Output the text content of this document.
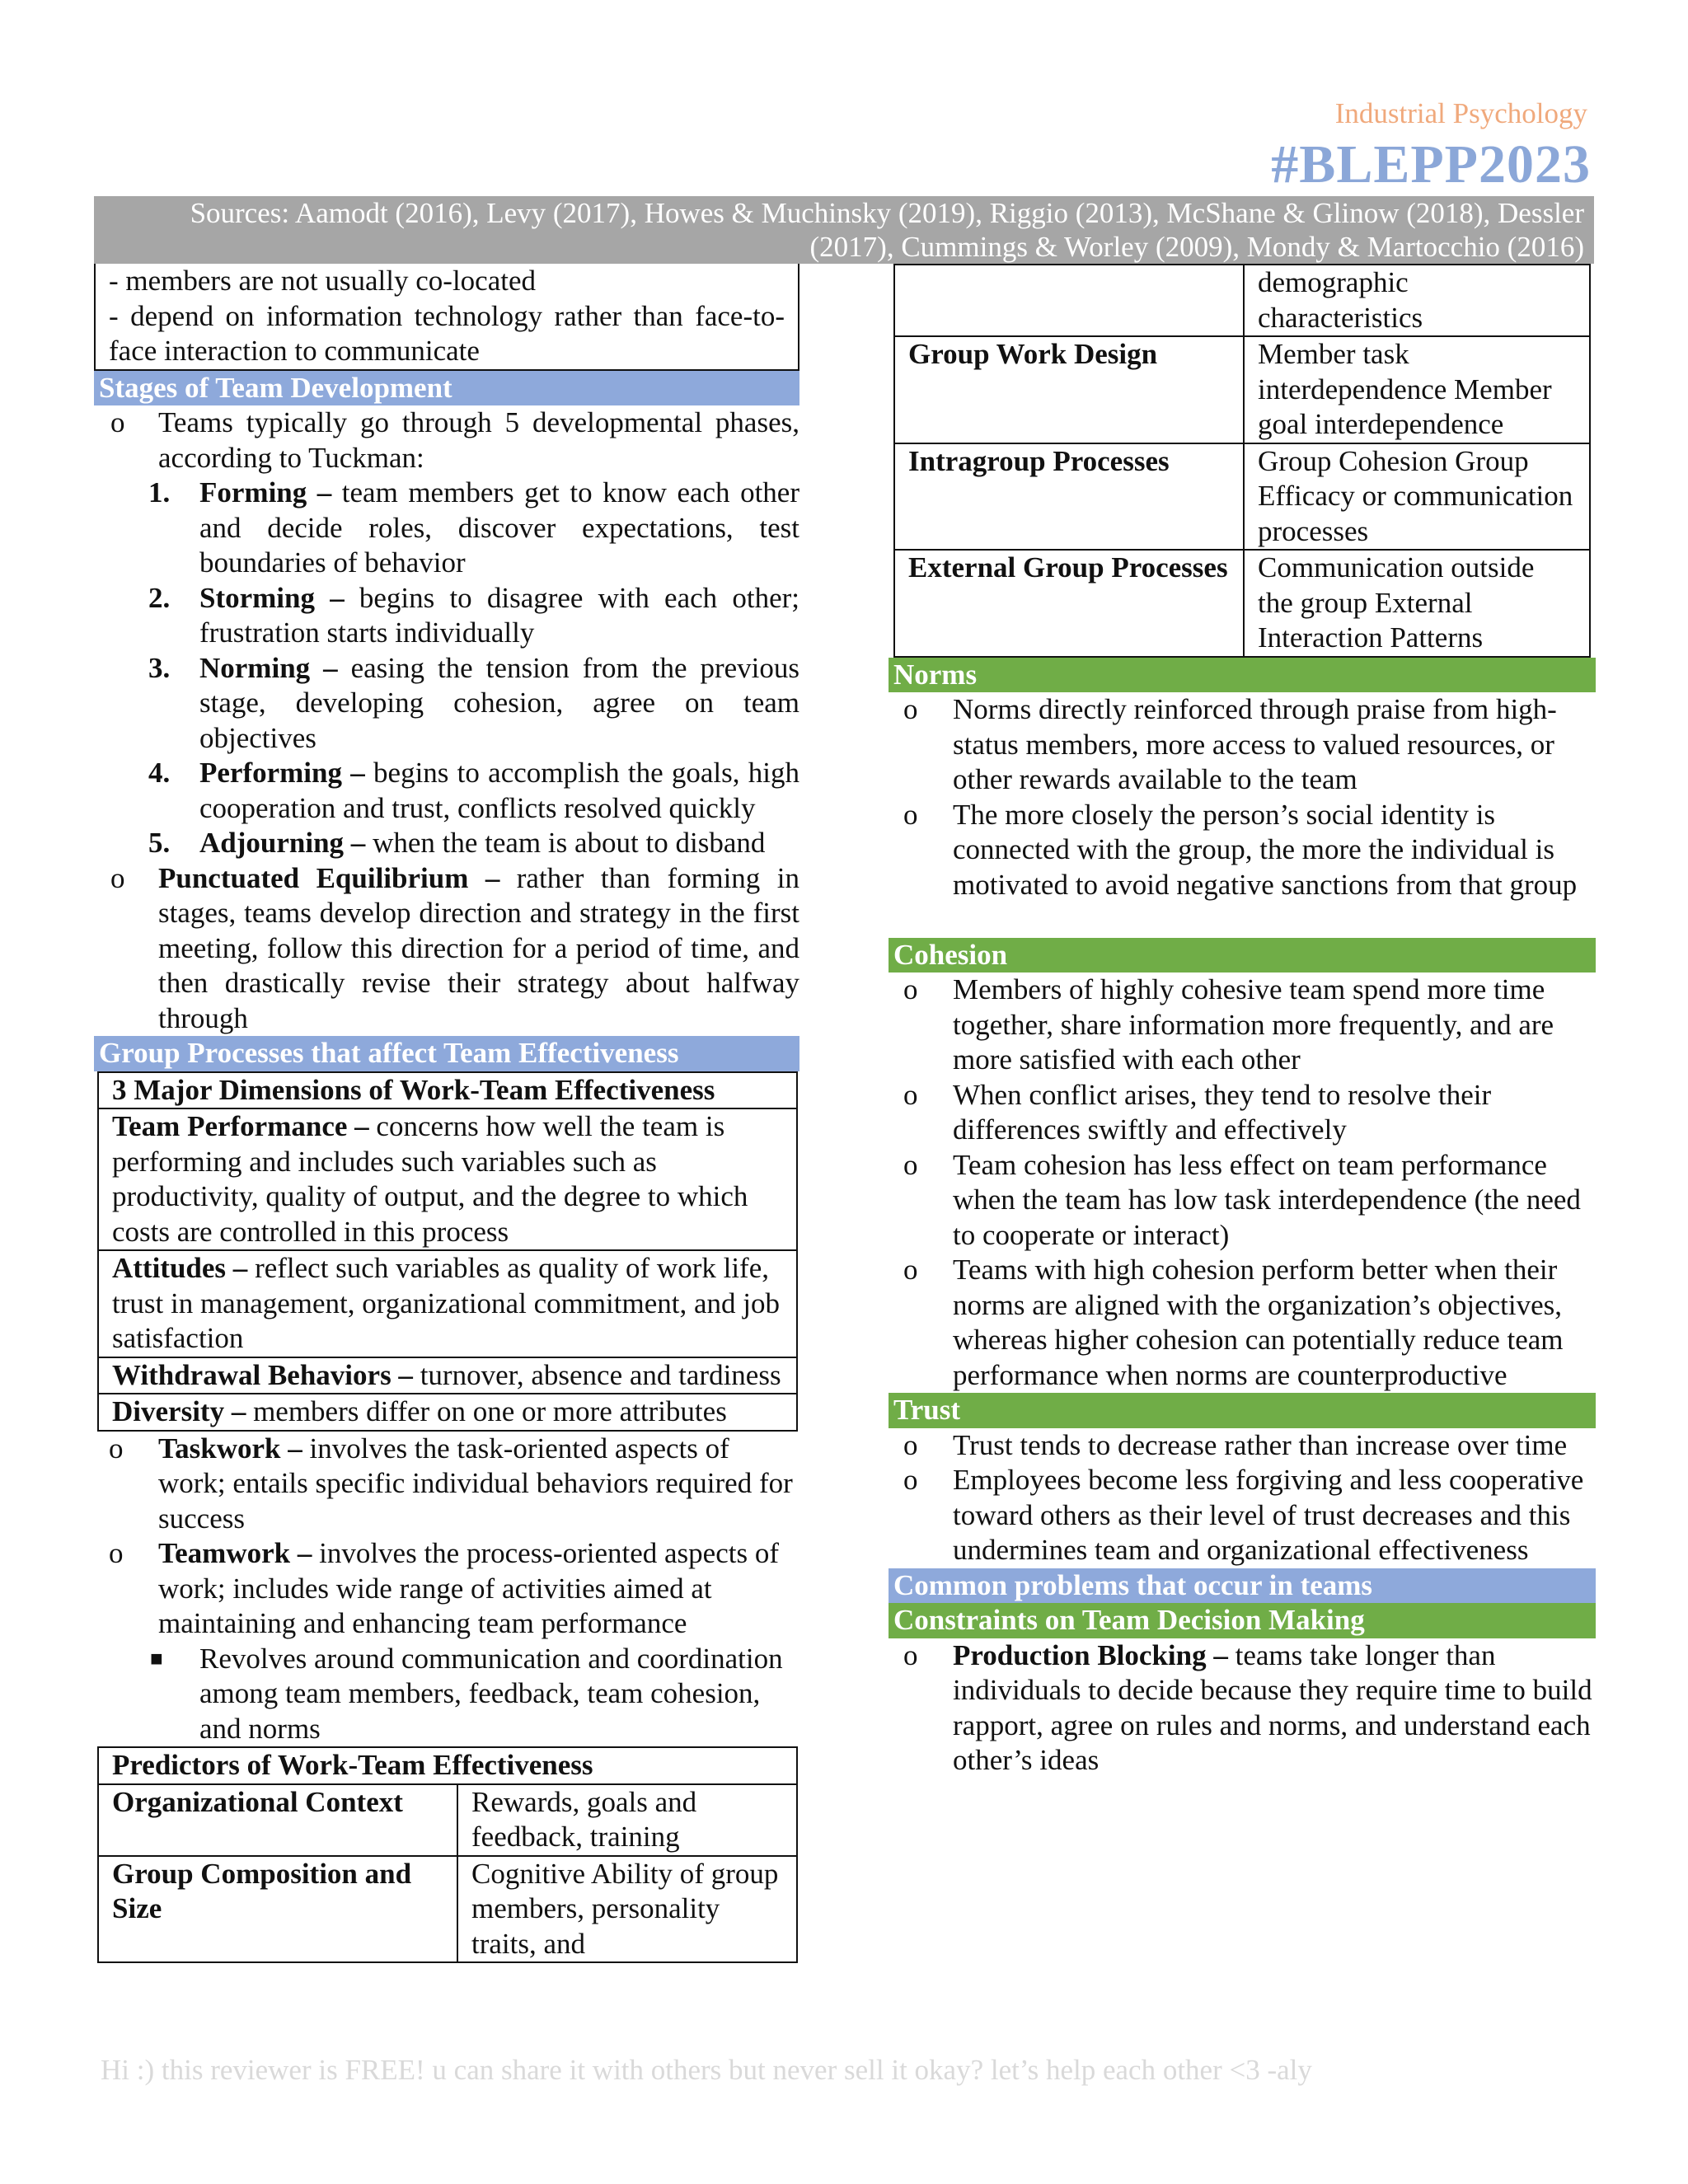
Industrial Psychology
#BLEPP2023
Sources: Aamodt (2016), Levy (2017), Howes & Muchinsky (2019), Riggio (2013), McShane & Glinow (2018), Dessler
(2017), Cummings & Worley (2009), Mondy & Martocchio (2016)
- members are not usually co-located
- depend on information technology rather than face-to-face interaction to communicate
Stages of Team Development
o Teams typically go through 5 developmental phases, according to Tuckman:
1. Forming – team members get to know each other and decide roles, discover expectations, test boundaries of behavior
2. Storming – begins to disagree with each other; frustration starts individually
3. Norming – easing the tension from the previous stage, developing cohesion, agree on team objectives
4. Performing – begins to accomplish the goals, high cooperation and trust, conflicts resolved quickly
5. Adjourning – when the team is about to disband
o Punctuated Equilibrium – rather than forming in stages, teams develop direction and strategy in the first meeting, follow this direction for a period of time, and then drastically revise their strategy about halfway through
Group Processes that affect Team Effectiveness
3 Major Dimensions of Work-Team Effectiveness
Team Performance – concerns how well the team is performing and includes such variables such as productivity, quality of output, and the degree to which costs are controlled in this process
Attitudes – reflect such variables as quality of work life, trust in management, organizational commitment, and job satisfaction
Withdrawal Behaviors – turnover, absence and tardiness
Diversity – members differ on one or more attributes
o Taskwork – involves the task-oriented aspects of work; entails specific individual behaviors required for success
o Teamwork – involves the process-oriented aspects of work; includes wide range of activities aimed at maintaining and enhancing team performance
■ Revolves around communication and coordination among team members, feedback, team cohesion, and norms
Predictors of Work-Team Effectiveness	
Organizational Context	Rewards, goals and feedback, training
Group Composition and Size	Cognitive Ability of group members, personality traits, and
	demographic characteristics
Group Work Design	Member task interdependence Member goal interdependence
Intragroup Processes	Group Cohesion Group Efficacy or communication processes
External Group Processes	Communication outside the group External Interaction Patterns
Norms
o Norms directly reinforced through praise from high-status members, more access to valued resources, or other rewards available to the team
o The more closely the person’s social identity is connected with the group, the more the individual is motivated to avoid negative sanctions from that group
Cohesion
o Members of highly cohesive team spend more time together, share information more frequently, and are more satisfied with each other
o When conflict arises, they tend to resolve their differences swiftly and effectively
o Team cohesion has less effect on team performance when the team has low task interdependence (the need to cooperate or interact)
o Teams with high cohesion perform better when their norms are aligned with the organization’s objectives, whereas higher cohesion can potentially reduce team performance when norms are counterproductive
Trust
o Trust tends to decrease rather than increase over time
o Employees become less forgiving and less cooperative toward others as their level of trust decreases and this undermines team and organizational effectiveness
Common problems that occur in teams
Constraints on Team Decision Making
o Production Blocking – teams take longer than individuals to decide because they require time to build rapport, agree on rules and norms, and understand each other’s ideas
Hi :) this reviewer is FREE! u can share it with others but never sell it okay? let’s help each other <3 -aly
